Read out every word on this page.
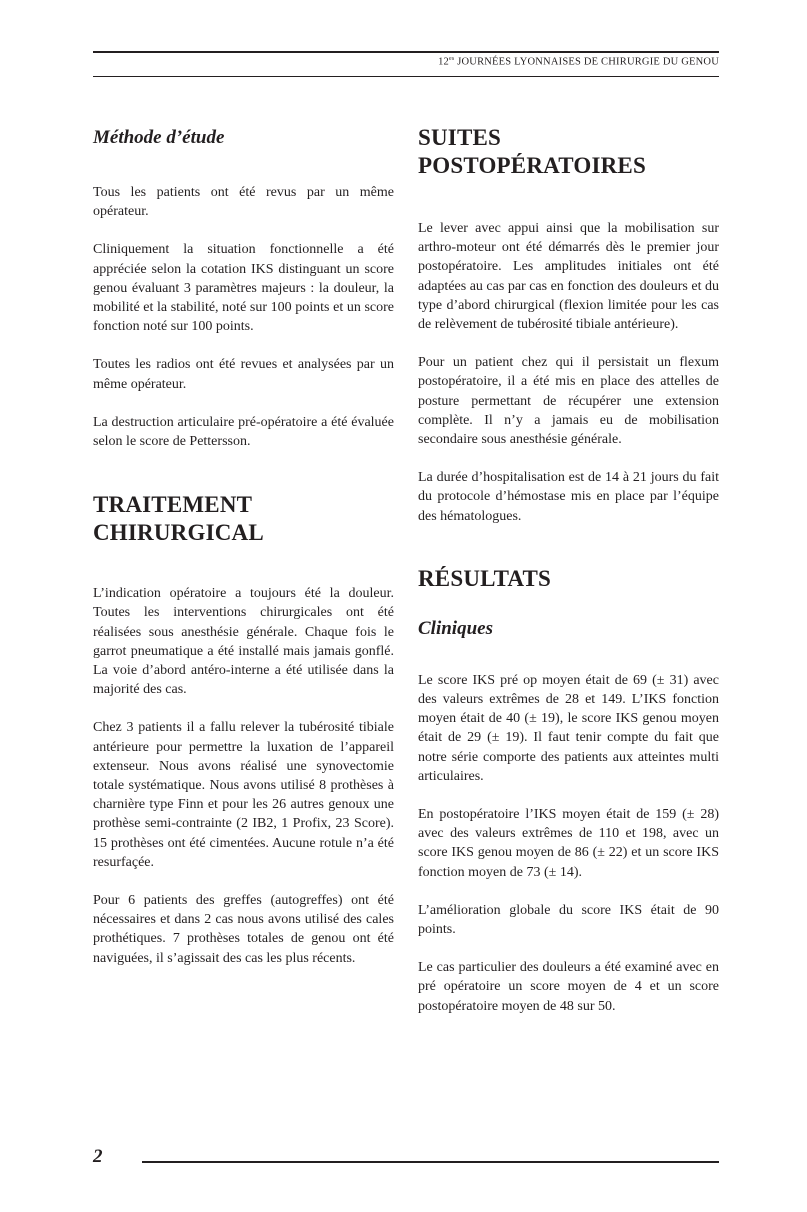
$12^{es}$ JOURNÉES LYONNAISES DE CHIRURGIE DU GENOU
Méthode d’étude

Tous les patients ont été revus par un même opérateur.

Cliniquement la situation fonctionnelle a été appréciée selon la cotation IKS distinguant un score genou évaluant 3 paramètres majeurs : la douleur, la mobilité et la stabilité, noté sur 100 points et un score fonction noté sur 100 points.

Toutes les radios ont été revues et analysées par un même opérateur.

La destruction articulaire pré-opératoire a été évaluée selon le score de Pettersson.

TRAITEMENT
CHIRURGICAL

L’indication opératoire a toujours été la douleur. Toutes les interventions chirurgicales ont été réalisées sous anesthésie générale. Chaque fois le garrot pneumatique a été installé mais jamais gonflé. La voie d’abord antéro-interne a été utilisée dans la majorité des cas.

Chez 3 patients il a fallu relever la tubérosité tibiale antérieure pour permettre la luxation de l’appareil extenseur. Nous avons réalisé une synovectomie totale systématique. Nous avons utilisé 8 prothèses à charnière type Finn et pour les 26 autres genoux une prothèse semi-contrainte (2 IB2, 1 Profix, 23 Score). 15 prothèses ont été cimentées. Aucune rotule n’a été resurfaçée.

Pour 6 patients des greffes (autogreffes) ont été nécessaires et dans 2 cas nous avons utilisé des cales prothétiques. 7 prothèses totales de genou ont été naviguées, il s’agissait des cas les plus récents.

SUITES POSTOPÉRATOIRES

Le lever avec appui ainsi que la mobilisation sur arthro-moteur ont été démarrés dès le premier jour postopératoire. Les amplitudes initiales ont été adaptées au cas par cas en fonction des douleurs et du type d’abord chirurgical (flexion limitée pour les cas de relèvement de tubérosité tibiale antérieure).

Pour un patient chez qui il persistait un flexum postopératoire, il a été mis en place des attelles de posture permettant de récupérer une extension complète. Il n’y a jamais eu de mobilisation secondaire sous anesthésie générale.

La durée d’hospitalisation est de 14 à 21 jours du fait du protocole d’hémostase mis en place par l’équipe des hématologues.

RÉSULTATS
Cliniques

Le score IKS pré op moyen était de 69 (± 31) avec des valeurs extrêmes de 28 et 149. L’IKS fonction moyen était de 40 (± 19), le score IKS genou moyen était de 29 (± 19). Il faut tenir compte du fait que notre série comporte des patients aux atteintes multi articulaires.

En postopératoire l’IKS moyen était de 159 (± 28) avec des valeurs extrêmes de 110 et 198, avec un score IKS genou moyen de 86 (± 22) et un score IKS fonction moyen de 73 (± 14).

L’amélioration globale du score IKS était de 90 points.

Le cas particulier des douleurs a été examiné avec en pré opératoire un score moyen de 4 et un score postopératoire moyen de 48 sur 50.

2
